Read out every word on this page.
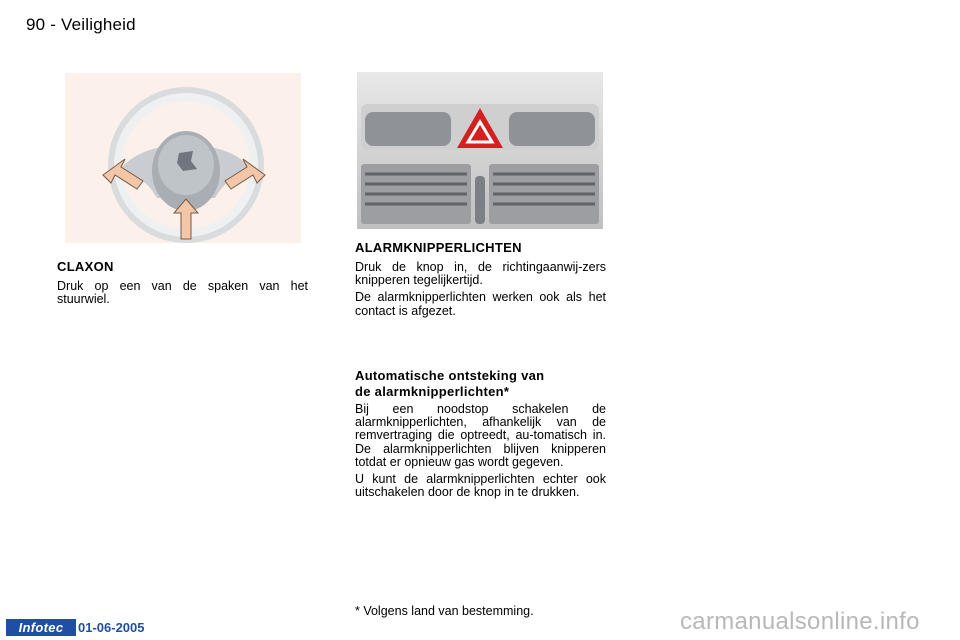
90 - Veiligheid
CLAXON

Druk op een van de spaken van het stuurwiel.

ALARMKNIPPERLICHTEN

Druk de knop in, de richtingaanwij-zers knipperen tegelijkertijd.

De alarmknipperlichten werken ook als het contact is afgezet.

Automatische ontsteking van
de alarmknipperlichten*

Bij een noodstop schakelen de alarmknipperlichten, afhankelijk van de remvertraging die optreedt, au-tomatisch in. De alarmknipperlichten blijven knipperen totdat er opnieuw gas wordt gegeven.

U kunt de alarmknipperlichten echter ook uitschakelen door de knop in te drukken.

* Volgens land van bestemming.
Infotec	01-06-2005	carmanualsonline.info
